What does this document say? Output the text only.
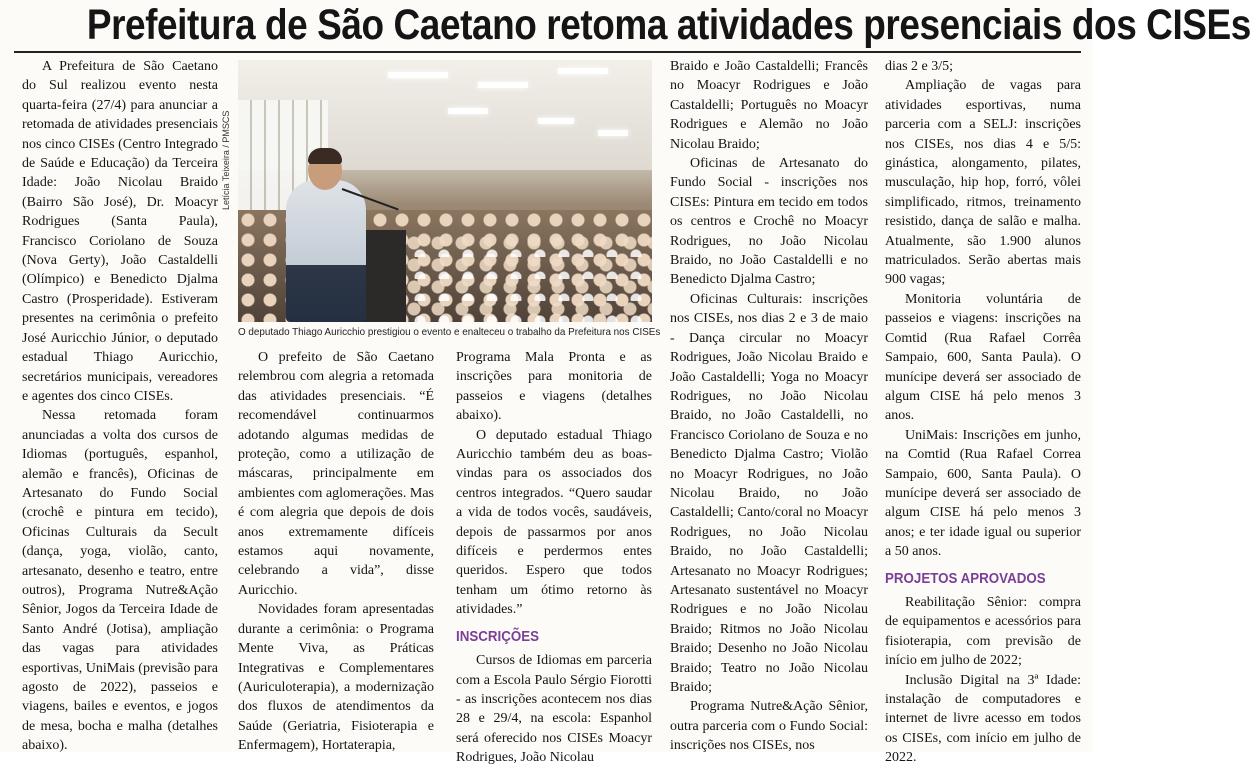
Prefeitura de São Caetano retoma atividades presenciais dos CISEs
Letícia Teixeira / PMSCS
O deputado Thiago Auricchio prestigiou o evento e enalteceu o trabalho da Prefeitura nos CISEs

A Prefeitura de São Caetano do Sul realizou evento nesta quarta-feira (27/4) para anunciar a retomada de atividades presenciais nos cinco CISEs (Centro Integrado de Saúde e Educação) da Terceira Idade: João Nicolau Braido (Bairro São José), Dr. Moacyr Rodrigues (Santa Paula), Francisco Coriolano de Souza (Nova Gerty), João Castaldelli (Olímpico) e Benedicto Djalma Castro (Prosperidade). Estiveram presentes na cerimônia o prefeito José Auricchio Júnior, o deputado estadual Thiago Auricchio, secretários municipais, vereadores e agentes dos cinco CISEs.

Nessa retomada foram anunciadas a volta dos cursos de Idiomas (português, espanhol, alemão e francês), Oficinas de Artesanato do Fundo Social (crochê e pintura em tecido), Oficinas Culturais da Secult (dança, yoga, violão, canto, artesanato, desenho e teatro, entre outros), Programa Nutre&Ação Sênior, Jogos da Terceira Idade de Santo André (Jotisa), ampliação das vagas para atividades esportivas, UniMais (previsão para agosto de 2022), passeios e viagens, bailes e eventos, e jogos de mesa, bocha e malha (detalhes abaixo).

O prefeito de São Caetano relembrou com alegria a retomada das atividades presenciais. “É recomendável continuarmos adotando algumas medidas de proteção, como a utilização de máscaras, principalmente em ambientes com aglomerações. Mas é com alegria que depois de dois anos extremamente difíceis estamos aqui novamente, celebrando a vida”, disse Auricchio.

Novidades foram apresentadas durante a cerimônia: o Programa Mente Viva, as Práticas Integrativas e Complementares (Auriculoterapia), a modernização dos fluxos de atendimentos da Saúde (Geriatria, Fisioterapia e Enfermagem), Hortaterapia,

Programa Mala Pronta e as inscrições para monitoria de passeios e viagens (detalhes abaixo).

O deputado estadual Thiago Auricchio também deu as boas-vindas para os associados dos centros integrados. “Quero saudar a vida de todos vocês, saudáveis, depois de passarmos por anos difíceis e perdermos entes queridos. Espero que todos tenham um ótimo retorno às atividades.”

INSCRIÇÕES

Cursos de Idiomas em parceria com a Escola Paulo Sérgio Fiorotti - as inscrições acontecem nos dias 28 e 29/4, na escola: Espanhol será oferecido nos CISEs Moacyr Rodrigues, João Nicolau

Braido e João Castaldelli; Francês no Moacyr Rodrigues e João Castaldelli; Português no Moacyr Rodrigues e Alemão no João Nicolau Braido;

Oficinas de Artesanato do Fundo Social - inscrições nos CISEs: Pintura em tecido em todos os centros e Crochê no Moacyr Rodrigues, no João Nicolau Braido, no João Castaldelli e no Benedicto Djalma Castro;

Oficinas Culturais: inscrições nos CISEs, nos dias 2 e 3 de maio - Dança circular no Moacyr Rodrigues, João Nicolau Braido e João Castaldelli; Yoga no Moacyr Rodrigues, no João Nicolau Braido, no João Castaldelli, no Francisco Coriolano de Souza e no Benedicto Djalma Castro; Violão no Moacyr Rodrigues, no João Nicolau Braido, no João Castaldelli; Canto/coral no Moacyr Rodrigues, no João Nicolau Braido, no João Castaldelli; Artesanato no Moacyr Rodrigues; Artesanato sustentável no Moacyr Rodrigues e no João Nicolau Braido; Ritmos no João Nicolau Braido; Desenho no João Nicolau Braido; Teatro no João Nicolau Braido;

Programa Nutre&Ação Sênior, outra parceria com o Fundo Social: inscrições nos CISEs, nos

dias 2 e 3/5;

Ampliação de vagas para atividades esportivas, numa parceria com a SELJ: inscrições nos CISEs, nos dias 4 e 5/5: ginástica, alongamento, pilates, musculação, hip hop, forró, vôlei simplificado, ritmos, treinamento resistido, dança de salão e malha. Atualmente, são 1.900 alunos matriculados. Serão abertas mais 900 vagas;

Monitoria voluntária de passeios e viagens: inscrições na Comtid (Rua Rafael Corrêa Sampaio, 600, Santa Paula). O munícipe deverá ser associado de algum CISE há pelo menos 3 anos.

UniMais: Inscrições em junho, na Comtid (Rua Rafael Correa Sampaio, 600, Santa Paula). O munícipe deverá ser associado de algum CISE há pelo menos 3 anos; e ter idade igual ou superior a 50 anos.

PROJETOS APROVADOS

Reabilitação Sênior: compra de equipamentos e acessórios para fisioterapia, com previsão de início em julho de 2022;

Inclusão Digital na 3ª Idade: instalação de computadores e internet de livre acesso em todos os CISEs, com início em julho de 2022.
